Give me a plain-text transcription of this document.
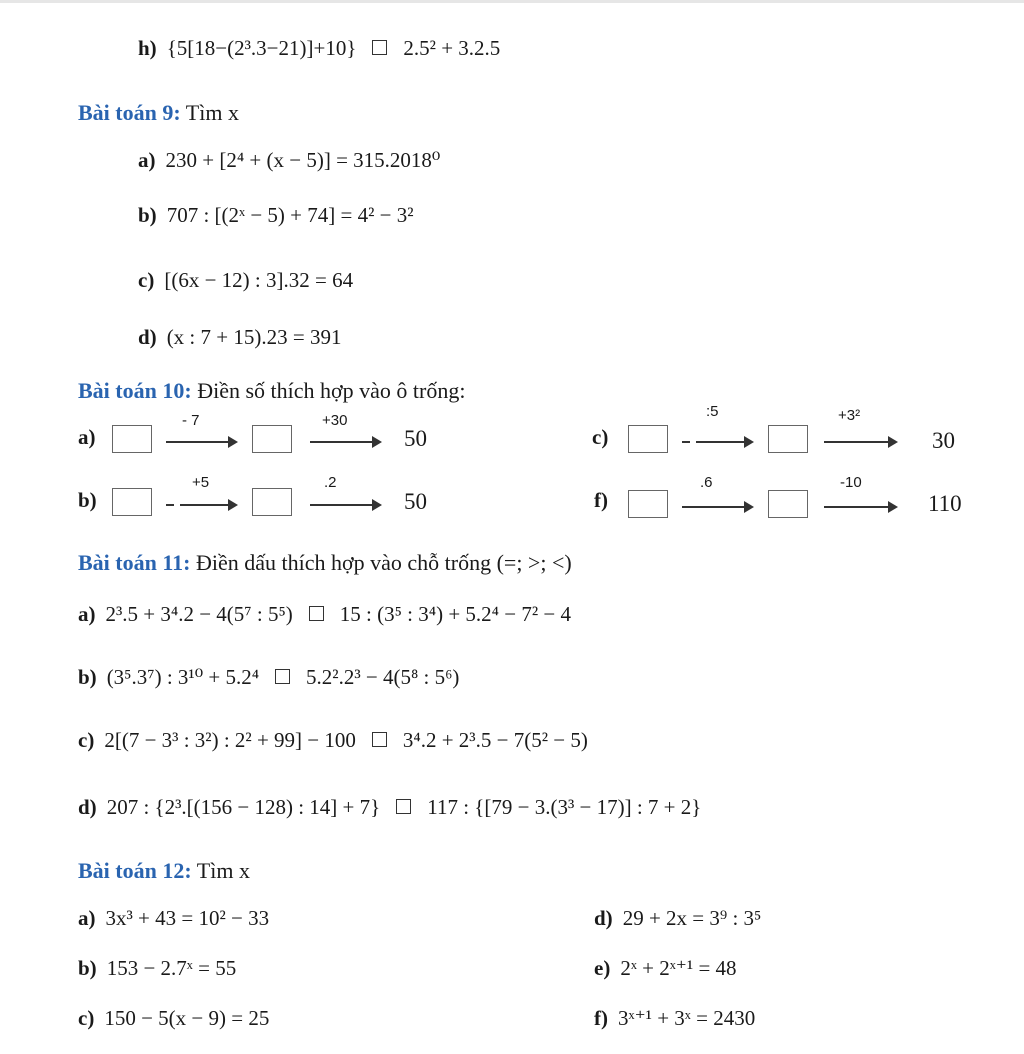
h) {5[18−(2³.3−21)]+10} 2.5² + 3.2.5
Bài toán 9: Tìm x
a) 230 + [2⁴ + (x − 5)] = 315.2018⁰
b) 707 : [(2ˣ − 5) + 74] = 4² − 3²
c) [(6x − 12) : 3].32 = 64
d) (x : 7 + 15).23 = 391
Bài toán 10: Điền số thích hợp vào ô trống:
a)
- 7	+30
50
b)
+5	.2
50
c)
:5	+3²
30
f)
.6	-10
110
Bài toán 11: Điền dấu thích hợp vào chỗ trống (=; >; <)
a) 2³.5 + 3⁴.2 − 4(5⁷ : 5⁵) 15 : (3⁵ : 3⁴) + 5.2⁴ − 7² − 4
b) (3⁵.3⁷) : 3¹⁰ + 5.2⁴ 5.2².2³ − 4(5⁸ : 5⁶)
c) 2[(7 − 3³ : 3²) : 2² + 99] − 100 3⁴.2 + 2³.5 − 7(5² − 5)
d) 207 : {2³.[(156 − 128) : 14] + 7} 117 : {[79 − 3.(3³ − 17)] : 7 + 2}
Bài toán 12: Tìm x
a) 3x³ + 43 = 10² − 33
b) 153 − 2.7ˣ = 55
c) 150 − 5(x − 9) = 25
d) 29 + 2x = 3⁹ : 3⁵
e) 2ˣ + 2ˣ⁺¹ = 48
f) 3ˣ⁺¹ + 3ˣ = 2430
